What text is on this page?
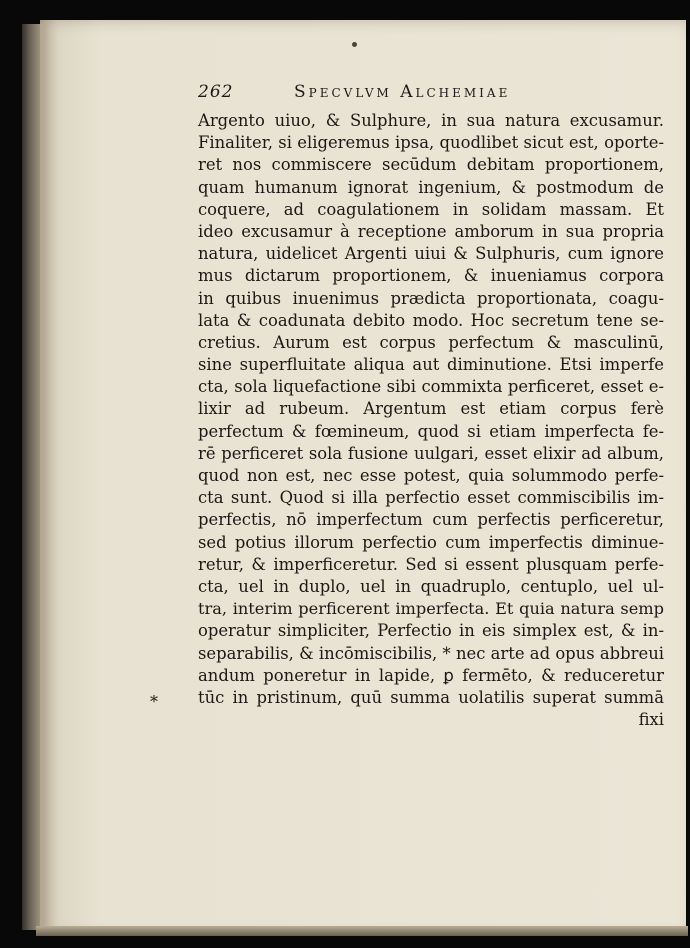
262	Specvlvm Alchemiae
*
Argento uiuo, & Sulphure, in sua natura excusamur.
Finaliter, si eligeremus ipsa, quodlibet sicut est, oporte-
ret nos commiscere secūdum debitam proportionem,
quam humanum ignorat ingenium, & postmodum de
coquere, ad coagulationem in solidam massam. Et
ideo excusamur à receptione amborum in sua propria
natura, uidelicet Argenti uiui & Sulphuris, cum ignore
mus dictarum proportionem, & inueniamus corpora
in quibus inuenimus prædicta proportionata, coagu-
lata & coadunata debito modo. Hoc secretum tene se-
cretius. Aurum est corpus perfectum & masculinū,
sine superfluitate aliqua aut diminutione. Etsi imperfe
cta, sola liquefactione sibi commixta perficeret, esset e-
lixir ad rubeum. Argentum est etiam corpus ferè
perfectum & fœmineum, quod si etiam imperfecta fe-
rē perficeret sola fusione uulgari, esset elixir ad album,
quod non est, nec esse potest, quia solummodo perfe-
cta sunt. Quod si illa perfectio esset commiscibilis im-
perfectis, nō imperfectum cum perfectis perficeretur,
sed potius illorum perfectio cum imperfectis diminue-
retur, & imperficeretur. Sed si essent plusquam perfe-
cta, uel in duplo, uel in quadruplo, centuplo, uel ul-
tra, interim perficerent imperfecta. Et quia natura semp
operatur simpliciter, Perfectio in eis simplex est, & in-
separabilis, & incōmiscibilis, * nec arte ad opus abbreui
andum poneretur in lapide, ꝑ fermēto, & reduceretur
tūc in pristinum, quū summa uolatilis superat summā
fixi
